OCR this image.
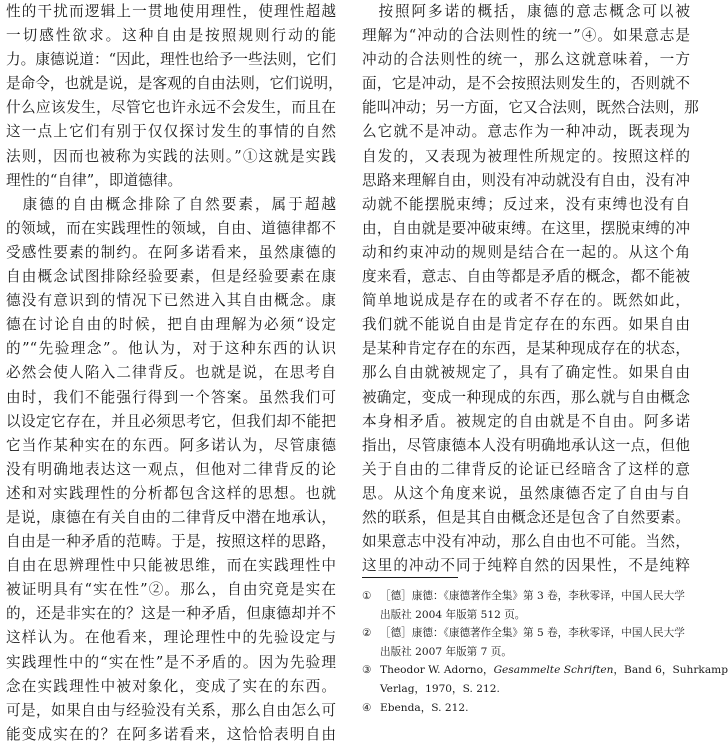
性的干扰而逻辑上一贯地使用理性，使理性超越
一切感性欲求。这种自由是按照规则行动的能
力。康德说道：“因此，理性也给予一些法则，它们
是命令，也就是说，是客观的自由法则，它们说明，
什么应该发生，尽管它也许永远不会发生，而且在
这一点上它们有别于仅仅探讨发生的事情的自然
法则，因而也被称为实践的法则。”①这就是实践
理性的“自律”，即道德律。
　康德的自由概念排除了自然要素，属于超越
的领域，而在实践理性的领域，自由、道德律都不
受感性要素的制约。在阿多诺看来，虽然康德的
自由概念试图排除经验要素，但是经验要素在康
德没有意识到的情况下已然进入其自由概念。康
德在讨论自由的时候，把自由理解为必须“设定
的”“先验理念”。他认为，对于这种东西的认识
必然会使人陷入二律背反。也就是说，在思考自
由时，我们不能强行得到一个答案。虽然我们可
以设定它存在，并且必须思考它，但我们却不能把
它当作某种实在的东西。阿多诺认为，尽管康德
没有明确地表达这一观点，但他对二律背反的论
述和对实践理性的分析都包含这样的思想。也就
是说，康德在有关自由的二律背反中潜在地承认，
自由是一种矛盾的范畴。于是，按照这样的思路，
自由在思辨理性中只能被思维，而在实践理性中
被证明具有“实在性”②。那么，自由究竟是实在
的，还是非实在的？这是一种矛盾，但康德却并不
这样认为。在他看来，理论理性中的先验设定与
实践理性中的“实在性”是不矛盾的。因为先验理
念在实践理性中被对象化，变成了实在的东西。
可是，如果自由与经验没有关系，那么自由怎么可
能变成实在的？在阿多诺看来，这恰恰表明自由
　按照阿多诺的概括，康德的意志概念可以被
理解为“冲动的合法则性的统一”④。如果意志是
冲动的合法则性的统一，那么这就意味着，一方
面，它是冲动，是不会按照法则发生的，否则就不
能叫冲动；另一方面，它又合法则，既然合法则，那
么它就不是冲动。意志作为一种冲动，既表现为
自发的，又表现为被理性所规定的。按照这样的
思路来理解自由，则没有冲动就没有自由，没有冲
动就不能摆脱束缚；反过来，没有束缚也没有自
由，自由就是要冲破束缚。在这里，摆脱束缚的冲
动和约束冲动的规则是结合在一起的。从这个角
度来看，意志、自由等都是矛盾的概念，都不能被
简单地说成是存在的或者不存在的。既然如此，
我们就不能说自由是肯定存在的东西。如果自由
是某种肯定存在的东西，是某种现成存在的状态，
那么自由就被规定了，具有了确定性。如果自由
被确定，变成一种现成的东西，那么就与自由概念
本身相矛盾。被规定的自由就是不自由。阿多诺
指出，尽管康德本人没有明确地承认这一点，但他
关于自由的二律背反的论证已经暗含了这样的意
思。从这个角度来说，虽然康德否定了自由与自
然的联系，但是其自由概念还是包含了自然要素。
如果意志中没有冲动，那么自由也不可能。当然，
这里的冲动不同于纯粹自然的因果性，不是纯粹
① ［德］康德：《康德著作全集》第 3 卷，李秋零译，中国人民大学
出版社 2004 年版第 512 页。
② ［德］康德：《康德著作全集》第 5 卷，李秋零译，中国人民大学
出版社 2007 年版第 7 页。
③ Theodor W. Adorno，Gesammelte Schriften，Band 6，Suhrkamp
Verlag，1970，S. 212.
④ Ebenda，S. 212.
